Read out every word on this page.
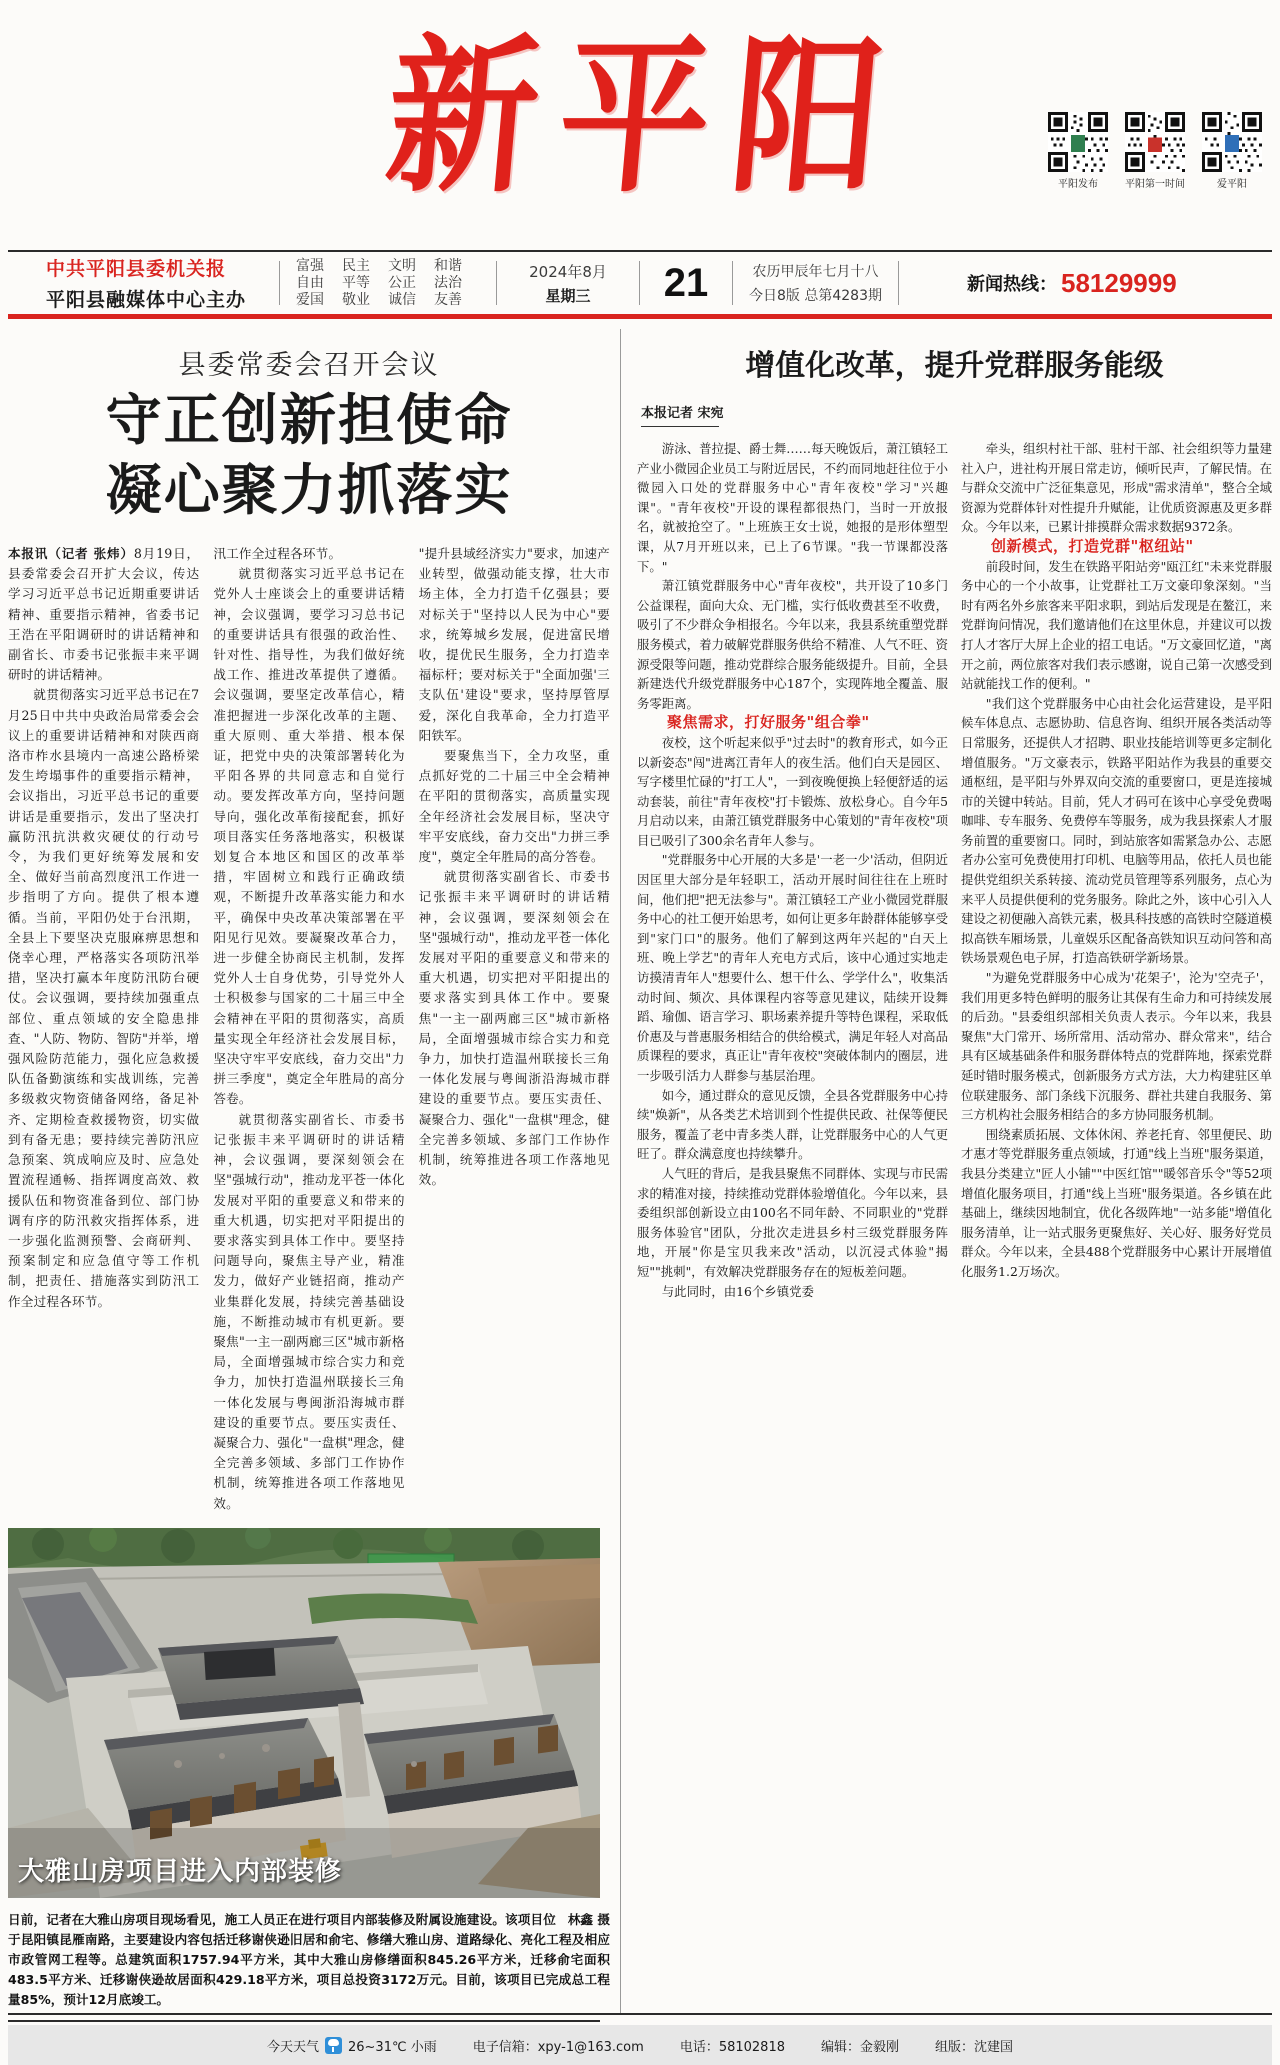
新平阳	平阳发布	平阳第一时间	爱平阳
中共平阳县委机关报
平阳县融媒体中心主办
富强	民主	文明	和谐
自由	平等	公正	法治
爱国	敬业	诚信	友善
2024年8月
星期三	21	农历甲辰年七月十八
今日8版 总第4283期
新闻热线： 58129999
县委常委会召开会议
守正创新担使命
凝心聚力抓落实

本报讯（记者 张炜）8月19日，县委常委会召开扩大会议，传达学习习近平总书记近期重要讲话精神、重要指示精神，省委书记王浩在平阳调研时的讲话精神和副省长、市委书记张振丰来平调研时的讲话精神。

就贯彻落实习近平总书记在7月25日中共中央政治局常委会会议上的重要讲话精神和对陕西商洛市柞水县境内一高速公路桥梁发生垮塌事件的重要指示精神，会议指出，习近平总书记的重要讲话是重要指示，发出了坚决打赢防汛抗洪救灾硬仗的行动号令，为我们更好统筹发展和安全、做好当前高烈度汛工作进一步指明了方向。提供了根本遵循。当前，平阳仍处于台汛期，全县上下要坚决克服麻痹思想和侥幸心理，严格落实各项防汛举措，坚决打赢本年度防汛防台硬仗。会议强调，要持续加强重点部位、重点领域的安全隐患排查、"人防、物防、智防"并举，增强风险防范能力，强化应急救援队伍备勤演练和实战训练，完善多级救灾物资储备网络，备足补齐、定期检查救援物资，切实做到有备无患；要持续完善防汛应急预案、筑成响应及时、应急处置流程通畅、指挥调度高效、救援队伍和物资准备到位、部门协调有序的防汛救灾指挥体系，进一步强化监测预警、会商研判、预案制定和应急值守等工作机制，把责任、措施落实到防汛工作全过程各环节。

汛工作全过程各环节。

就贯彻落实习近平总书记在党外人士座谈会上的重要讲话精神，会议强调，要学习习总书记的重要讲话具有很强的政治性、针对性、指导性，为我们做好统战工作、推进改革提供了遵循。会议强调，要坚定改革信心，精准把握进一步深化改革的主题、重大原则、重大举措、根本保证，把党中央的决策部署转化为平阳各界的共同意志和自觉行动。要发挥改革方向，坚持问题导向，强化改革衔接配套，抓好项目落实任务落地落实，积极谋划复合本地区和国区的改革举措，牢固树立和践行正确政绩观，不断提升改革落实能力和水平，确保中央改革决策部署在平阳见行见效。要凝聚改革合力，进一步健全协商民主机制，发挥党外人士自身优势，引导党外人士积极参与国家的二十届三中全会精神在平阳的贯彻落实，高质量实现全年经济社会发展目标，坚决守牢平安底线，奋力交出"力拼三季度"，奠定全年胜局的高分答卷。

就贯彻落实副省长、市委书记张振丰来平调研时的讲话精神，会议强调，要深刻领会在坚"强城行动"，推动龙平苍一体化发展对平阳的重要意义和带来的重大机遇，切实把对平阳提出的要求落实到具体工作中。要坚持问题导向，聚焦主导产业，精准发力，做好产业链招商，推动产业集群化发展，持续完善基础设施，不断推动城市有机更新。要聚焦"一主一副两廊三区"城市新格局，全面增强城市综合实力和竞争力，加快打造温州联接长三角一体化发展与粤闽浙沿海城市群建设的重要节点。要压实责任、凝聚合力、强化"一盘棋"理念，健全完善多领域、多部门工作协作机制，统筹推进各项工作落地见效。

"提升县域经济实力"要求，加速产业转型，做强动能支撑，壮大市场主体，全力打造千亿强县；要对标关于"坚持以人民为中心"要求，统筹城乡发展，促进富民增收，提优民生服务，全力打造幸福标杆；要对标关于"全面加强'三支队伍'建设"要求，坚持厚管厚爱，深化自我革命，全力打造平阳铁军。

要聚焦当下，全力攻坚，重点抓好党的二十届三中全会精神在平阳的贯彻落实，高质量实现全年经济社会发展目标，坚决守牢平安底线，奋力交出"力拼三季度"，奠定全年胜局的高分答卷。

就贯彻落实副省长、市委书记张振丰来平调研时的讲话精神，会议强调，要深刻领会在坚"强城行动"，推动龙平苍一体化发展对平阳的重要意义和带来的重大机遇，切实把对平阳提出的要求落实到具体工作中。要聚焦"一主一副两廊三区"城市新格局，全面增强城市综合实力和竞争力，加快打造温州联接长三角一体化发展与粤闽浙沿海城市群建设的重要节点。要压实责任、凝聚合力、强化"一盘棋"理念，健全完善多领域、多部门工作协作机制，统筹推进各项工作落地见效。

大雅山房项目进入内部装修
林鑫 摄
日前，记者在大雅山房项目现场看见，施工人员正在进行项目内部装修及附属设施建设。该项目位于昆阳镇昆雁南路，主要建设内容包括迁移谢侠逊旧居和俞宅、修缮大雅山房、道路绿化、亮化工程及相应市政管网工程等。总建筑面积1757.94平方米，其中大雅山房修缮面积845.26平方米，迁移俞宅面积483.5平方米、迁移谢侠逊故居面积429.18平方米，项目总投资3172万元。目前，该项目已完成总工程量85%，预计12月底竣工。
增值化改革，提升党群服务能级
本报记者 宋宛

游泳、普拉提、爵士舞……每天晚饭后，萧江镇轻工产业小微园企业员工与附近居民，不约而同地赶往位于小微园入口处的党群服务中心"青年夜校"学习"兴趣课"。"青年夜校"开设的课程都很热门，当时一开放报名，就被抢空了。"上班族王女士说，她报的是形体塑型课，从7月开班以来，已上了6节课。"我一节课都没落下。"

萧江镇党群服务中心"青年夜校"，共开设了10多门公益课程，面向大众、无门槛，实行低收费甚至不收费，吸引了不少群众争相报名。今年以来，我县系统重塑党群服务模式，着力破解党群服务供给不精准、人气不旺、资源受限等问题，推动党群综合服务能级提升。目前，全县新建迭代升级党群服务中心187个，实现阵地全覆盖、服务零距离。

聚焦需求，打好服务"组合拳"

夜校，这个听起来似乎"过去时"的教育形式，如今正以新姿态"闯"进离江青年人的夜生活。他们白天是园区、写字楼里忙碌的"打工人"，一到夜晚便换上轻便舒适的运动套装，前往"青年夜校"打卡锻炼、放松身心。自今年5月启动以来，由萧江镇党群服务中心策划的"青年夜校"项目已吸引了300余名青年人参与。

"党群服务中心开展的大多是'一老一少'活动，但阴近因匡里大部分是年轻职工，活动开展时间往往在上班时间，他们把"把无法参与"。萧江镇轻工产业小微园党群服务中心的社工便开始思考，如何让更多年龄群体能够享受到"家门口"的服务。他们了解到这两年兴起的"白天上班、晚上学艺"的青年人充电方式后，该中心通过实地走访摸清青年人"想要什么、想干什么、学学什么"，收集活动时间、频次、具体课程内容等意见建议，陆续开设舞蹈、瑜伽、语言学习、职场素养提升等特色课程，采取低价惠及与普惠服务相结合的供给模式，满足年轻人对高品质课程的要求，真正让"青年夜校"突破体制内的圈层，进一步吸引活力人群参与基层治理。

如今，通过群众的意见反馈，全县各党群服务中心持续"焕新"，从各类艺术培训到个性提供民政、社保等便民服务，覆盖了老中青多类人群，让党群服务中心的人气更旺了。群众满意度也持续攀升。

人气旺的背后，是我县聚焦不同群体、实现与市民需求的精准对接，持续推动党群体验增值化。今年以来，县委组织部创新设立由100名不同年龄、不同职业的"党群服务体验官"团队，分批次走进县乡村三级党群服务阵地，开展"你是宝贝我来改"活动，以沉浸式体验"揭短""挑刺"，有效解决党群服务存在的短板差问题。

与此同时，由16个乡镇党委

牵头，组织村社干部、驻村干部、社会组织等力量建社入户，进社构开展日常走访，倾听民声，了解民情。在与群众交流中广泛征集意见，形成"需求清单"，整合全域资源为党群体针对性提升升赋能，让优质资源惠及更多群众。今年以来，已累计排摸群众需求数据9372条。

创新模式，打造党群"枢纽站"

前段时间，发生在铁路平阳站旁"瓯江红"未来党群服务中心的一个小故事，让党群社工万文豪印象深刻。"当时有两名外乡旅客来平阳求职，到站后发现是在鳌江，来党群询问情况，我们邀请他们在这里休息，并建议可以拨打人才客厅大屏上企业的招工电话。"万文豪回忆道，"离开之前，两位旅客对我们表示感谢，说自己第一次感受到站就能找工作的便利。"

"我们这个党群服务中心由社会化运营建设，是平阳候车体息点、志愿协助、信息咨询、组织开展各类活动等日常服务，还提供人才招聘、职业技能培训等更多定制化增值服务。"万文豪表示，铁路平阳站作为我县的重要交通枢纽，是平阳与外界双向交流的重要窗口，更是连接城市的关键中转站。目前，凭人才码可在该中心享受免费喝咖啡、专车服务、免费停车等服务，成为我县探索人才服务前置的重要窗口。同时，到站旅客如需紧急办公、志愿者办公室可免费使用打印机、电脑等用品，依托人员也能提供党组织关系转接、流动党员管理等系列服务，点心为来平人员提供便利的党务服务。除此之外，该中心引入人建设之初便融入高铁元素，极具科技感的高铁时空隧道模拟高铁车厢场景，儿童娱乐区配备高铁知识互动问答和高铁场景观色电子屏，打造高铁研学新场景。

"为避免党群服务中心成为'花架子'，沦为'空壳子'，我们用更多特色鲜明的服务让其保有生命力和可持续发展的后劲。"县委组织部相关负责人表示。今年以来，我县聚焦"大门常开、场所常用、活动常办、群众常来"，结合具有区域基础条件和服务群体特点的党群阵地，探索党群延时错时服务模式，创新服务方式方法，大力构建驻区单位联建服务、部门条线下沉服务、群社共建自我服务、第三方机构社会服务相结合的多方协同服务机制。

围绕素质拓展、文体休闲、养老托育、邻里便民、助才惠才等党群服务重点领域，打通"线上当班"服务渠道，我县分类建立"匠人小铺""中医红馆""暖邻音乐令"等52项增值化服务项目，打通"线上当班"服务渠道。各乡镇在此基础上，继续因地制宜，优化各级阵地"一站多能"增值化服务清单，让一站式服务更聚焦好、关心好、服务好党员群众。今年以来，全县488个党群服务中心累计开展增值化服务1.2万场次。

今天天气 26~31℃ 小雨	电子信箱：xpy-1@163.com	电话：58102818	编辑：金毅刚	组版：沈建国
